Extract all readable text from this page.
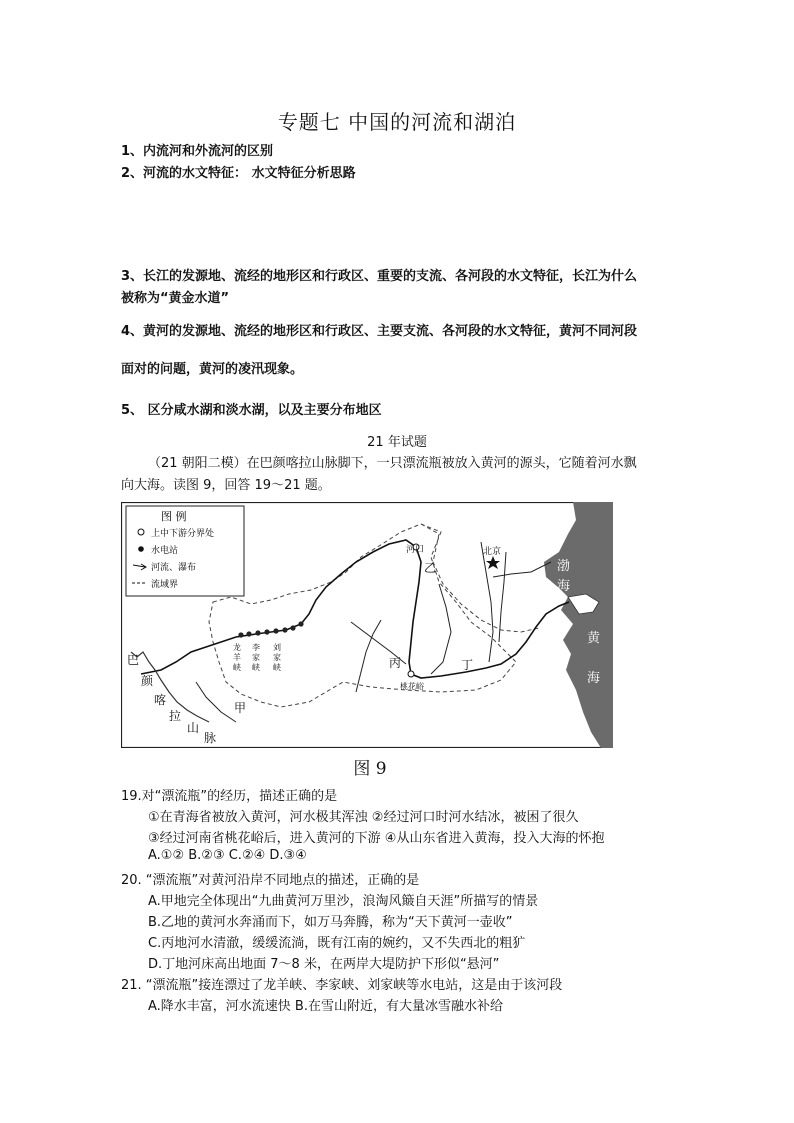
专题七 中国的河流和湖泊
1、内流河和外流河的区别
2、河流的水文特征： 水文特征分析思路
3、长江的发源地、流经的地形区和行政区、重要的支流、各河段的水文特征，长江为什么
被称为“黄金水道”
4、黄河的发源地、流经的地形区和行政区、主要支流、各河段的水文特征，黄河不同河段
面对的问题，黄河的凌汛现象。
5、 区分咸水湖和淡水湖，以及主要分布地区
21 年试题
（21 朝阳二模）在巴颜喀拉山脉脚下，一只漂流瓶被放入黄河的源头，它随着河水飘
向大海。读图 9，回答 19～21 题。
图 例
上中下游分界处
水电站
河流、瀑布
流域界
河口	北京
渤
海
黄
海
乙
丙	丁
甲
桃花峪
龙
羊
峡
李
家
峡
刘
家
峡
巴
颜
喀
拉
山
脉
图 9
19.对“漂流瓶”的经历，描述正确的是
①在青海省被放入黄河，河水极其浑浊 ②经过河口时河水结冰，被困了很久
③经过河南省桃花峪后，进入黄河的下游 ④从山东省进入黄海，投入大海的怀抱
A.①② B.②③ C.②④ D.③④
20. “漂流瓶”对黄河沿岸不同地点的描述，正确的是
A.甲地完全体现出“九曲黄河万里沙，浪淘风簸自天涯”所描写的情景
B.乙地的黄河水奔涌而下，如万马奔腾，称为“天下黄河一壶收”
C.丙地河水清澈，缓缓流淌，既有江南的婉约，又不失西北的粗犷
D.丁地河床高出地面 7～8 米，在两岸大堤防护下形似“悬河”
21. “漂流瓶”接连漂过了龙羊峡、李家峡、刘家峡等水电站，这是由于该河段
A.降水丰富，河水流速快 B.在雪山附近，有大量冰雪融水补给
